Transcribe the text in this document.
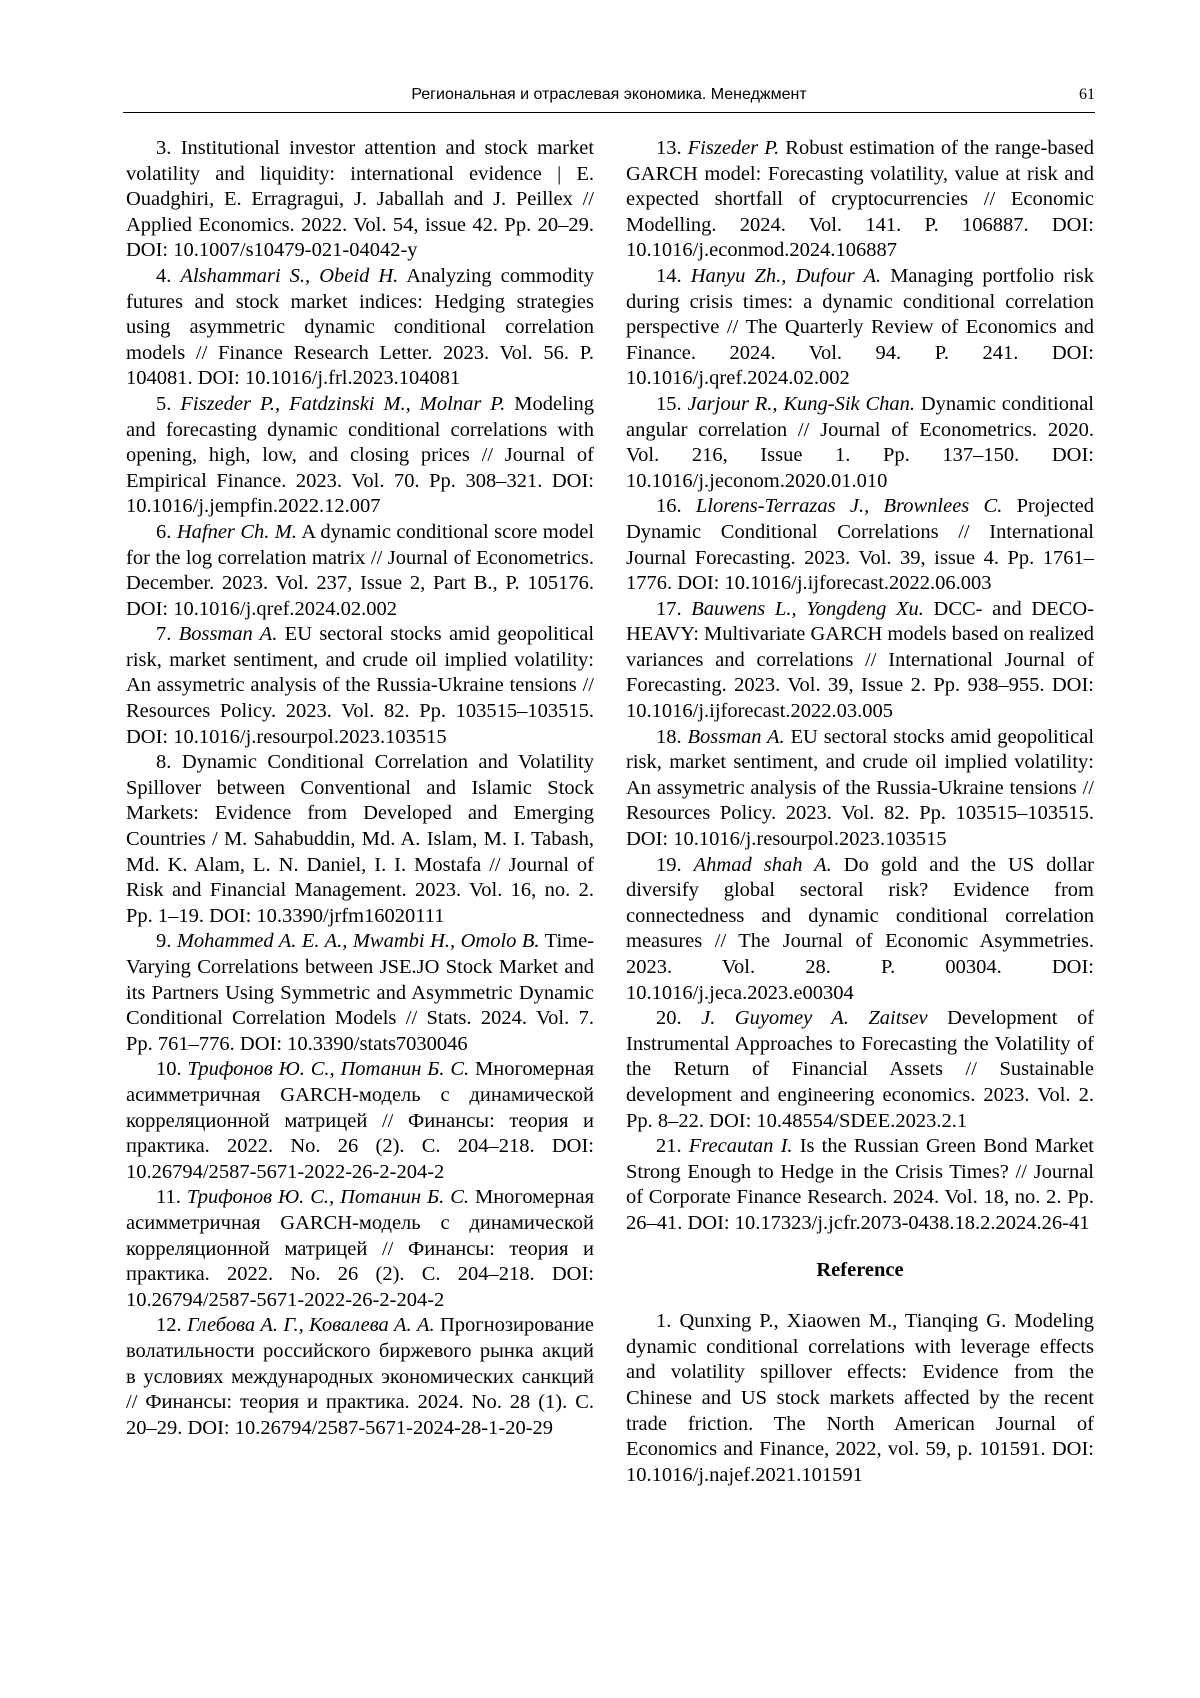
Региональная и отраслевая экономика. Менеджмент	61

3. Institutional investor attention and stock market volatility and liquidity: international evidence | E. Ouadghiri, E. Erragragui, J. Jaballah and J. Peillex // Applied Economics. 2022. Vol. 54, issue 42. Pp. 20–29. DOI: 10.1007/s10479-021-04042-y

4. Alshammari S., Obeid H. Analyzing commodity futures and stock market indices: Hedging strategies using asymmetric dynamic conditional correlation models // Finance Research Letter. 2023. Vol. 56. P. 104081. DOI: 10.1016/j.frl.2023.104081

5. Fiszeder P., Fatdzinski M., Molnar P. Modeling and forecasting dynamic conditional correlations with opening, high, low, and closing prices // Journal of Empirical Finance. 2023. Vol. 70. Pp. 308–321. DOI: 10.1016/j.jempfin.2022.12.007

6. Hafner Ch. M. A dynamic conditional score model for the log correlation matrix // Journal of Econometrics. December. 2023. Vol. 237, Issue 2, Part B., P. 105176. DOI: 10.1016/j.qref.2024.02.002

7. Bossman A. EU sectoral stocks amid geopolitical risk, market sentiment, and crude oil implied volatility: An assymetric analysis of the Russia-Ukraine tensions // Resources Policy. 2023. Vol. 82. Pp. 103515–103515. DOI: 10.1016/j.resourpol.2023.103515

8. Dynamic Conditional Correlation and Volatility Spillover between Conventional and Islamic Stock Markets: Evidence from Developed and Emerging Countries / M. Sahabuddin, Md. A. Islam, M. I. Tabash, Md. K. Alam, L. N. Daniel, I. I. Mostafa // Journal of Risk and Financial Management. 2023. Vol. 16, no. 2. Pp. 1–19. DOI: 10.3390/jrfm16020111

9. Mohammed A. E. A., Mwambi H., Omolo B. Time-Varying Correlations between JSE.JO Stock Market and its Partners Using Symmetric and Asymmetric Dynamic Conditional Correlation Models // Stats. 2024. Vol. 7. Pp. 761–776. DOI: 10.3390/stats7030046

10. Трифонов Ю. С., Потанин Б. С. Многомерная асимметричная GARCH-модель с динамической корреляционной матрицей // Финансы: теория и практика. 2022. No. 26 (2). С. 204–218. DOI: 10.26794/2587-5671-2022-26-2-204-2

11. Трифонов Ю. С., Потанин Б. С. Многомерная асимметричная GARCH-модель с динамической корреляционной матрицей // Финансы: теория и практика. 2022. No. 26 (2). С. 204–218. DOI: 10.26794/2587-5671-2022-26-2-204-2

12. Глебова А. Г., Ковалева А. А. Прогнозирование волатильности российского биржевого рынка акций в условиях международных экономических санкций // Финансы: теория и практика. 2024. No. 28 (1). С. 20–29. DOI: 10.26794/2587-5671-2024-28-1-20-29

13. Fiszeder P. Robust estimation of the range-based GARCH model: Forecasting volatility, value at risk and expected shortfall of cryptocurrencies // Economic Modelling. 2024. Vol. 141. P. 106887. DOI: 10.1016/j.econmod.2024.106887

14. Hanyu Zh., Dufour A. Managing portfolio risk during crisis times: a dynamic conditional correlation perspective // The Quarterly Review of Economics and Finance. 2024. Vol. 94. P. 241. DOI: 10.1016/j.qref.2024.02.002

15. Jarjour R., Kung-Sik Chan. Dynamic conditional angular correlation // Journal of Econometrics. 2020. Vol. 216, Issue 1. Pp. 137–150. DOI: 10.1016/j.jeconom.2020.01.010

16. Llorens-Terrazas J., Brownlees C. Projected Dynamic Conditional Correlations // International Journal Forecasting. 2023. Vol. 39, issue 4. Pp. 1761–1776. DOI: 10.1016/j.ijforecast.2022.06.003

17. Bauwens L., Yongdeng Xu. DCC- and DECO-HEAVY: Multivariate GARCH models based on realized variances and correlations // International Journal of Forecasting. 2023. Vol. 39, Issue 2. Pp. 938–955. DOI: 10.1016/j.ijforecast.2022.03.005

18. Bossman A. EU sectoral stocks amid geopolitical risk, market sentiment, and crude oil implied volatility: An assymetric analysis of the Russia-Ukraine tensions // Resources Policy. 2023. Vol. 82. Pp. 103515–103515. DOI: 10.1016/j.resourpol.2023.103515

19. Ahmad shah A. Do gold and the US dollar diversify global sectoral risk? Evidence from connectedness and dynamic conditional correlation measures // The Journal of Economic Asymmetries. 2023. Vol. 28. P. 00304. DOI: 10.1016/j.jeca.2023.e00304

20. J. Guyomey A. Zaitsev Development of Instrumental Approaches to Forecasting the Volatility of the Return of Financial Assets // Sustainable development and engineering economics. 2023. Vol. 2. Pp. 8–22. DOI: 10.48554/SDEE.2023.2.1

21. Frecautan I. Is the Russian Green Bond Market Strong Enough to Hedge in the Crisis Times? // Journal of Corporate Finance Research. 2024. Vol. 18, no. 2. Pp. 26–41. DOI: 10.17323/j.jcfr.2073-0438.18.2.2024.26-41

Reference

1. Qunxing P., Xiaowen M., Tianqing G. Modeling dynamic conditional correlations with leverage effects and volatility spillover effects: Evidence from the Chinese and US stock markets affected by the recent trade friction. The North American Journal of Economics and Finance, 2022, vol. 59, p. 101591. DOI: 10.1016/j.najef.2021.101591
